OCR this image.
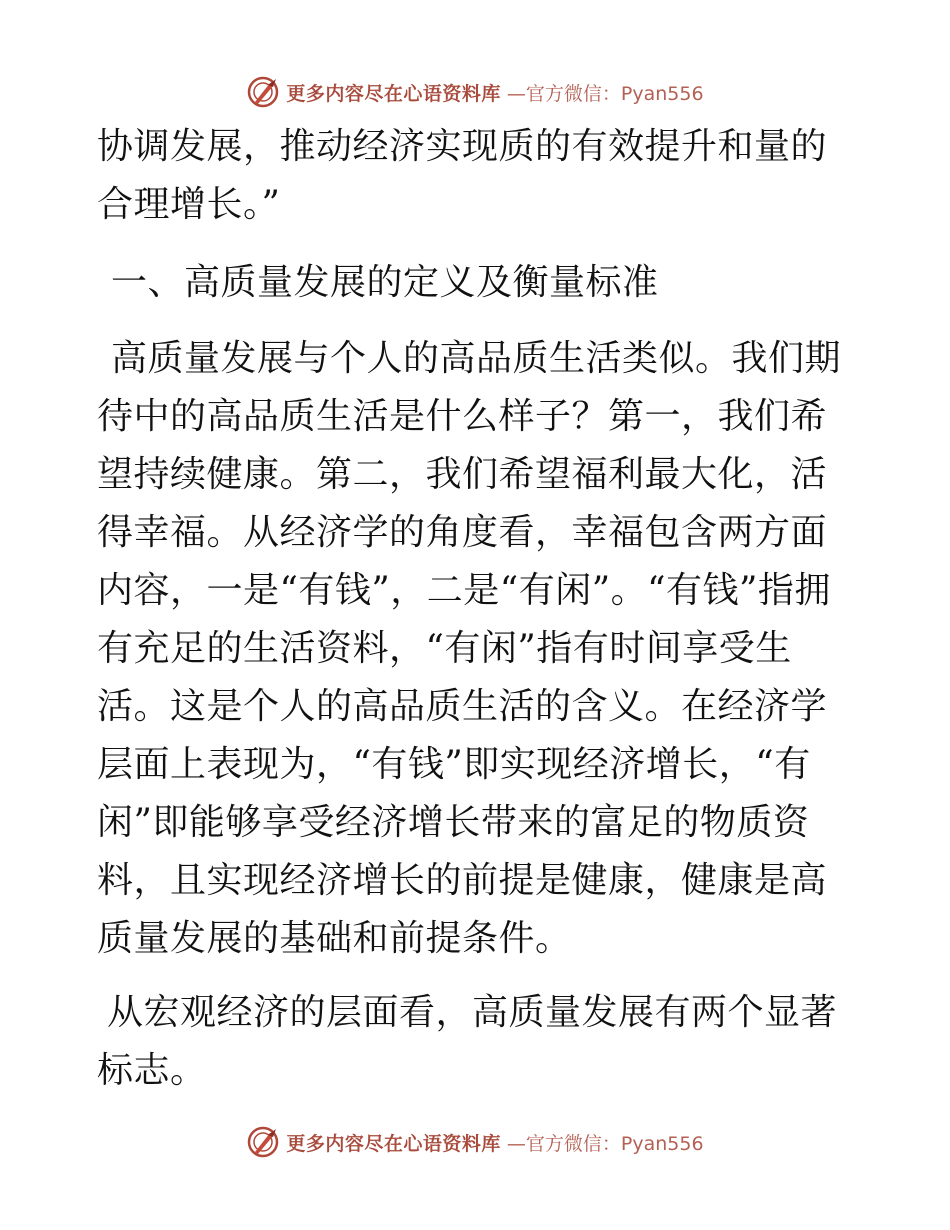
更多内容尽在心语资料库 —官方微信：Pyan556

协调发展，推动经济实现质的有效提升和量的合理增长。”

一、高质量发展的定义及衡量标准

高质量发展与个人的高品质生活类似。我们期待中的高品质生活是什么样子？第一，我们希望持续健康。第二，我们希望福利最大化，活得幸福。从经济学的角度看，幸福包含两方面内容，一是“有钱”，二是“有闲”。“有钱”指拥有充足的生活资料，“有闲”指有时间享受生活。这是个人的高品质生活的含义。在经济学层面上表现为，“有钱”即实现经济增长，“有闲”即能够享受经济增长带来的富足的物质资料，且实现经济增长的前提是健康，健康是高质量发展的基础和前提条件。

从宏观经济的层面看，高质量发展有两个显著标志。

更多内容尽在心语资料库 —官方微信：Pyan556
